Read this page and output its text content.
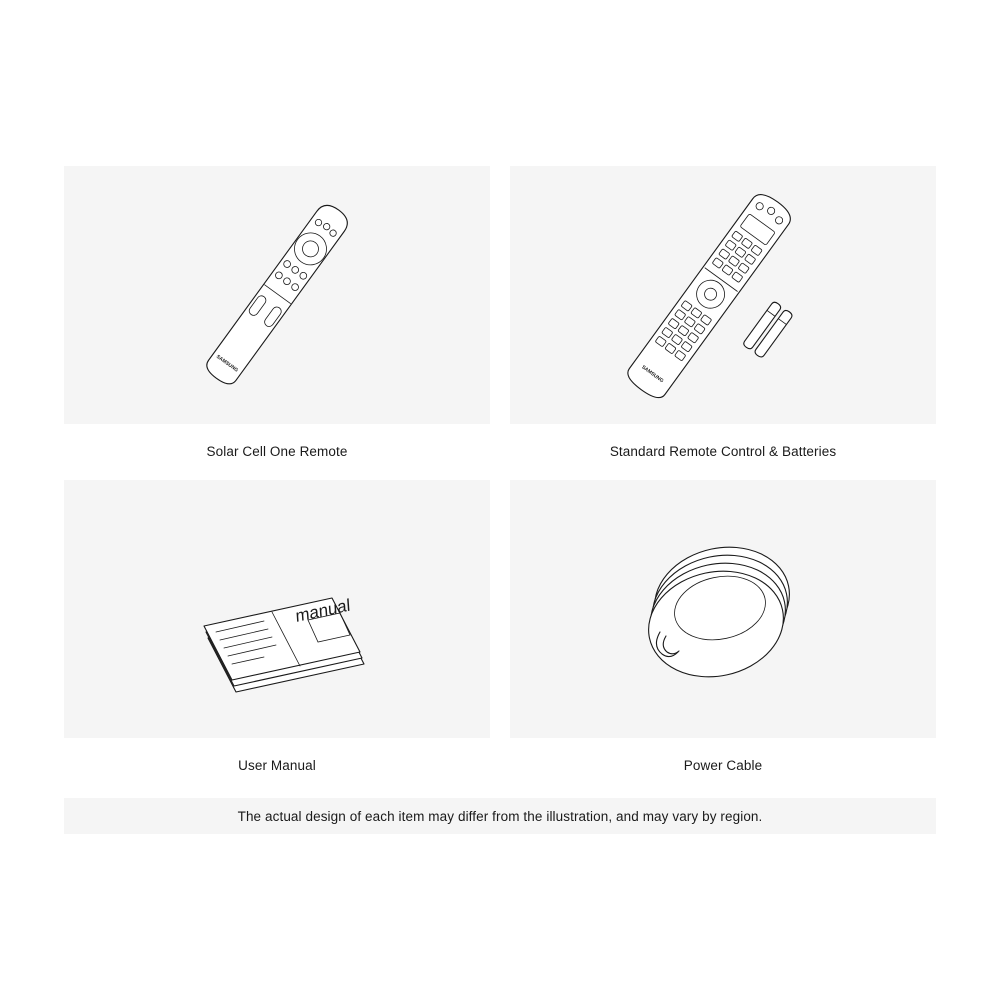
SAMSUNG
Solar Cell One Remote
SAMSUNG
Standard Remote Control & Batteries
manual
User Manual	Power Cable
The actual design of each item may differ from the illustration, and may vary by region.
